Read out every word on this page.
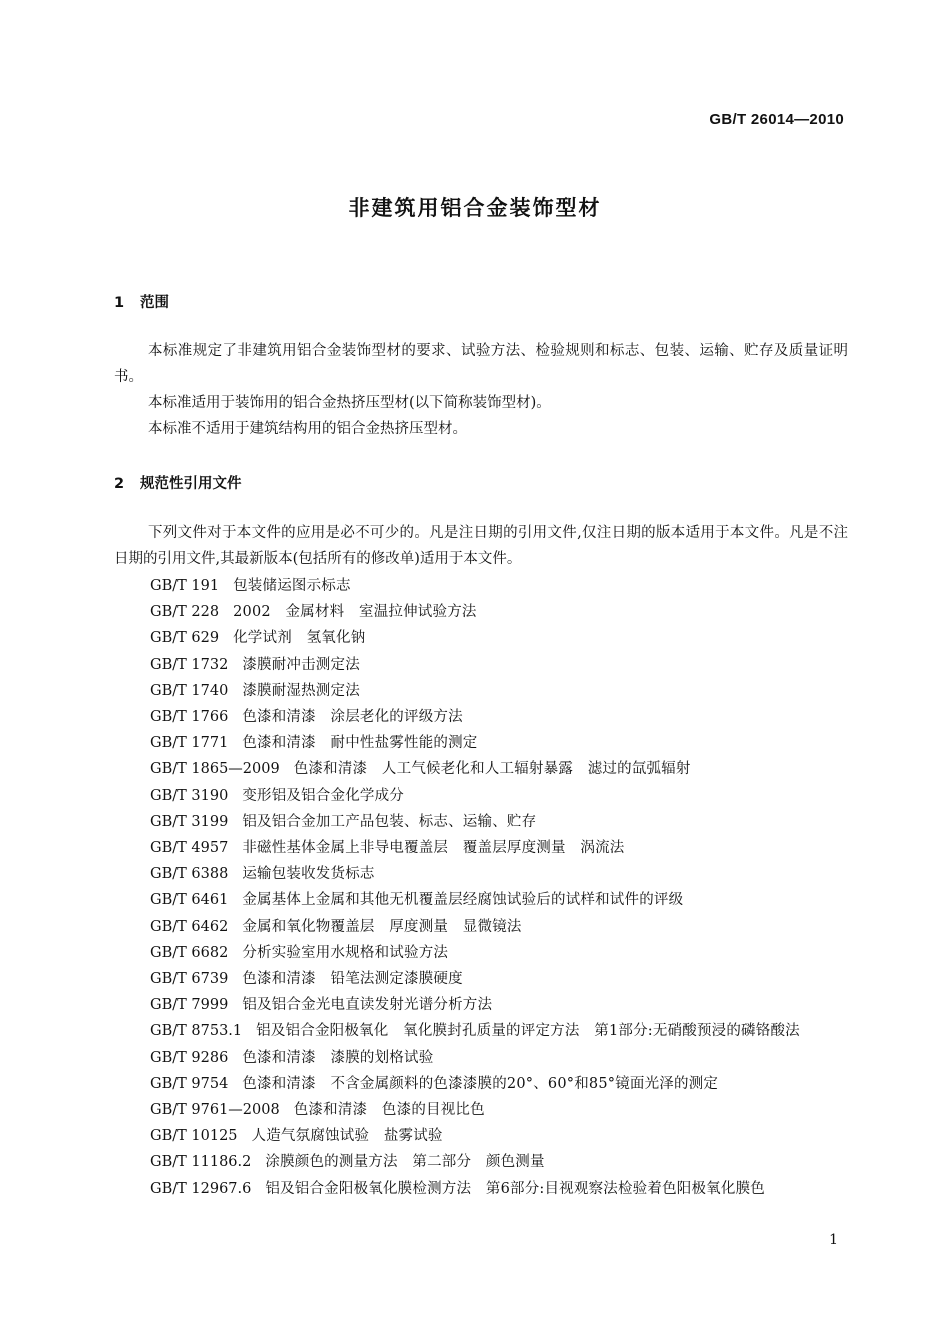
GB/T 26014—2010
非建筑用铝合金装饰型材
1 范围

本标准规定了非建筑用铝合金装饰型材的要求、试验方法、检验规则和标志、包装、运输、贮存及质量证明书。

本标准适用于装饰用的铝合金热挤压型材(以下简称装饰型材)。

本标准不适用于建筑结构用的铝合金热挤压型材。

2 规范性引用文件

下列文件对于本文件的应用是必不可少的。凡是注日期的引用文件,仅注日期的版本适用于本文件。凡是不注日期的引用文件,其最新版本(包括所有的修改单)适用于本文件。

GB/T 191 包装储运图示标志
GB/T 228 2002　金属材料　室温拉伸试验方法
GB/T 629 化学试剂　氢氧化钠
GB/T 1732 漆膜耐冲击测定法
GB/T 1740 漆膜耐湿热测定法
GB/T 1766 色漆和清漆　涂层老化的评级方法
GB/T 1771 色漆和清漆　耐中性盐雾性能的测定
GB/T 1865—2009 色漆和清漆　人工气候老化和人工辐射暴露　滤过的氙弧辐射
GB/T 3190 变形铝及铝合金化学成分
GB/T 3199 铝及铝合金加工产品包装、标志、运输、贮存
GB/T 4957 非磁性基体金属上非导电覆盖层　覆盖层厚度测量　涡流法
GB/T 6388 运输包装收发货标志
GB/T 6461 金属基体上金属和其他无机覆盖层经腐蚀试验后的试样和试件的评级
GB/T 6462 金属和氧化物覆盖层　厚度测量　显微镜法
GB/T 6682 分析实验室用水规格和试验方法
GB/T 6739 色漆和清漆　铅笔法测定漆膜硬度
GB/T 7999 铝及铝合金光电直读发射光谱分析方法
GB/T 8753.1 铝及铝合金阳极氧化　氧化膜封孔质量的评定方法　第1部分:无硝酸预浸的磷铬酸法
GB/T 9286 色漆和清漆　漆膜的划格试验
GB/T 9754 色漆和清漆　不含金属颜料的色漆漆膜的20°、60°和85°镜面光泽的测定
GB/T 9761—2008 色漆和清漆　色漆的目视比色
GB/T 10125 人造气氛腐蚀试验　盐雾试验
GB/T 11186.2 涂膜颜色的测量方法　第二部分　颜色测量
GB/T 12967.6 铝及铝合金阳极氧化膜检测方法　第6部分:目视观察法检验着色阳极氧化膜色
1
